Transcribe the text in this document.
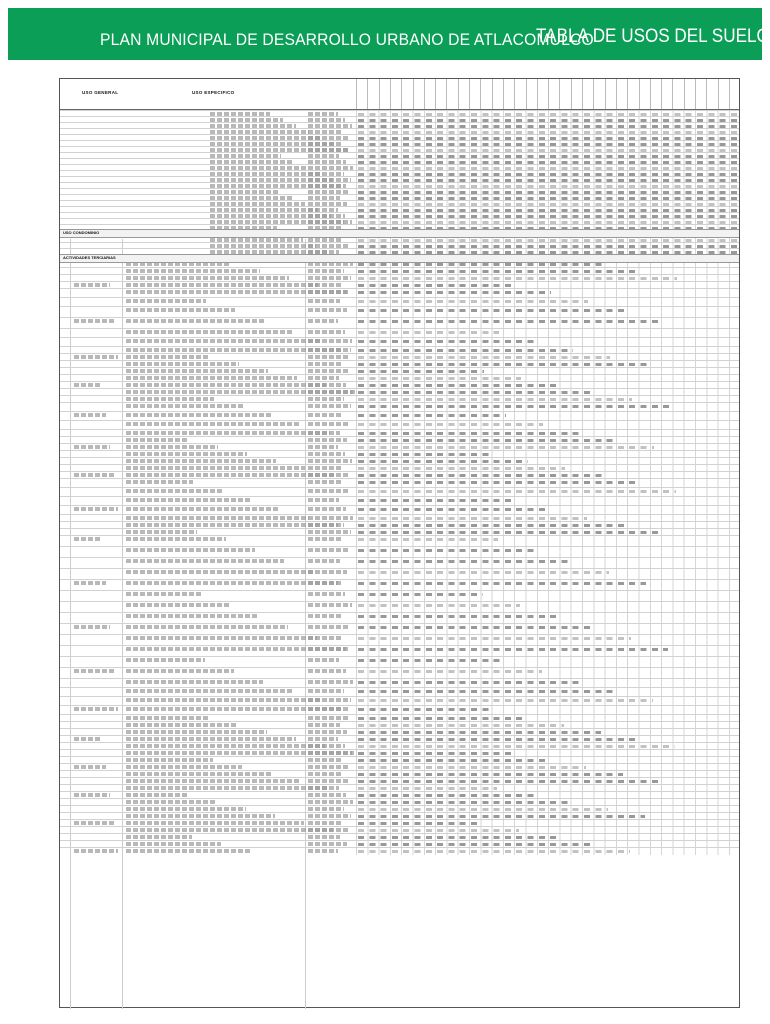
PLAN MUNICIPAL DE DESARROLLO URBANO DE ATLACOMULCO
TABLA DE USOS DEL SUELO
USO GENERAL	USO ESPECIFICO
USO CONDOMINIO
ACTIVIDADES TERCIARIAS
